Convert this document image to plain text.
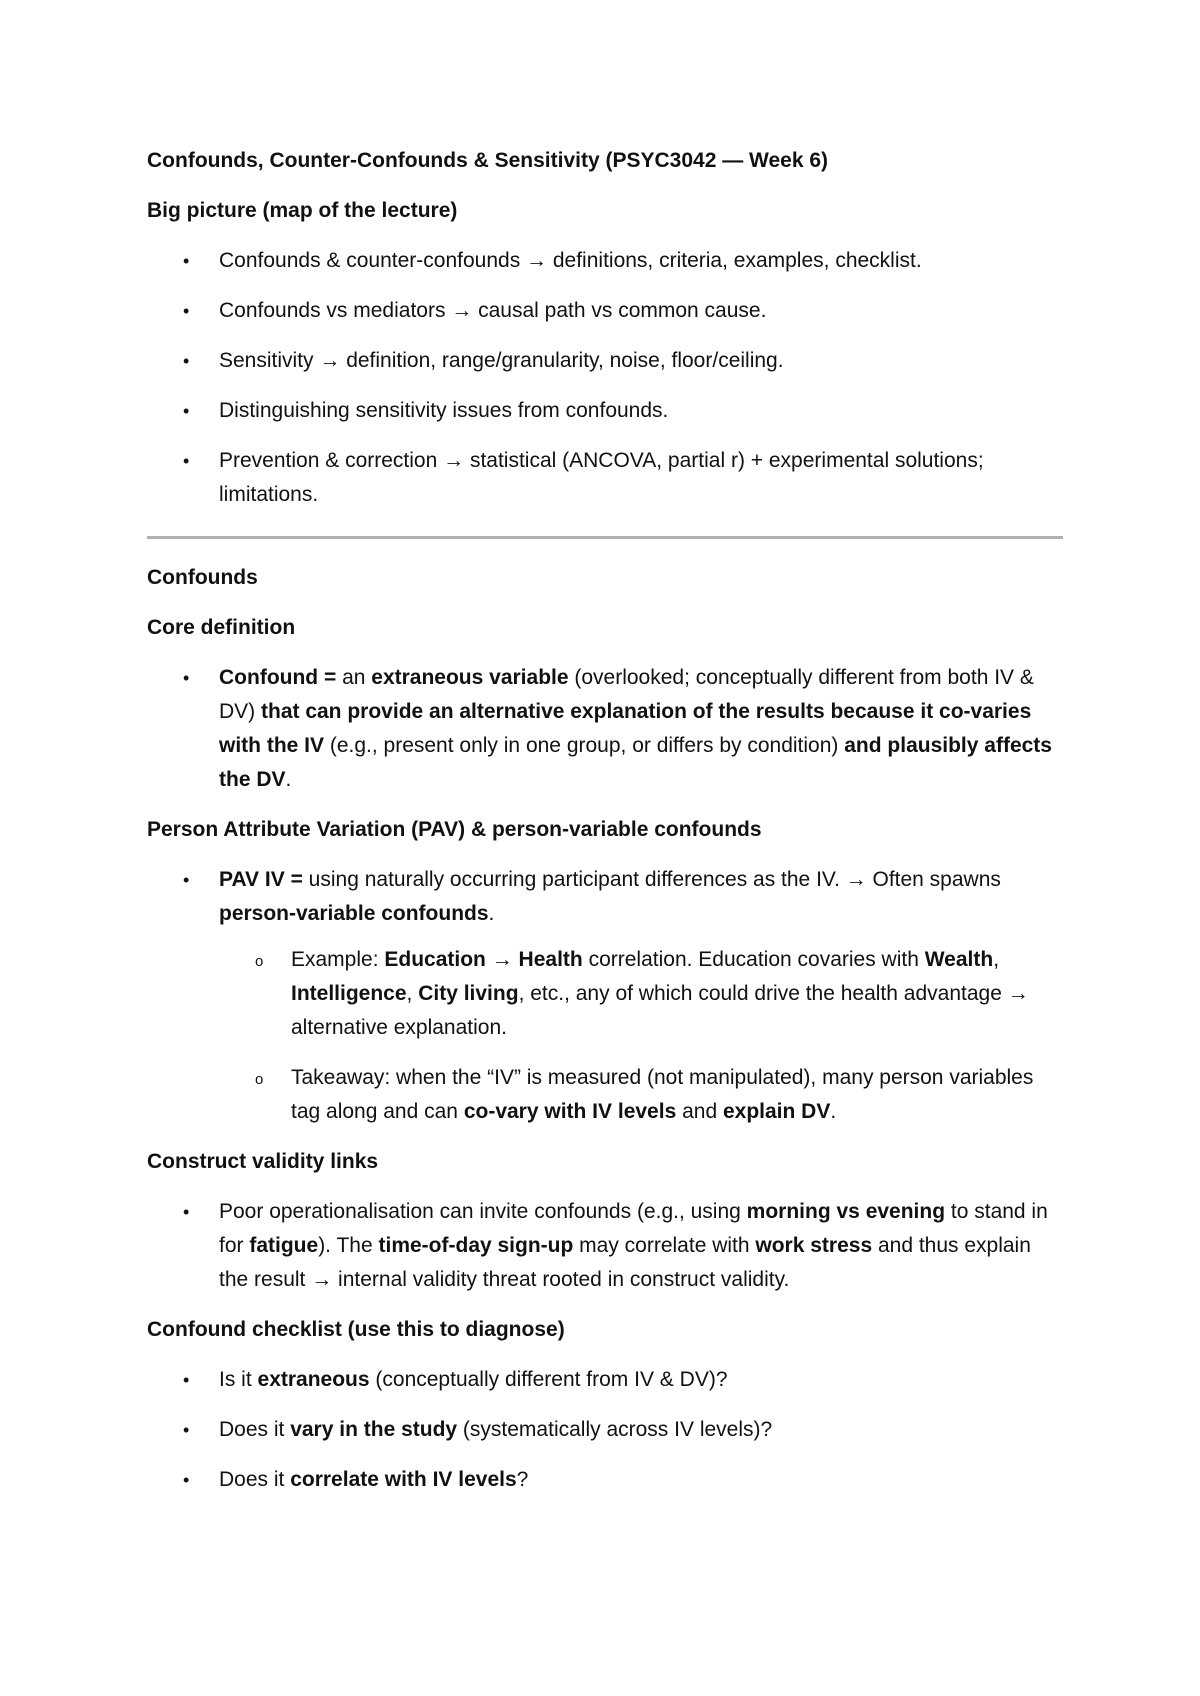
Confounds, Counter-Confounds & Sensitivity (PSYC3042 — Week 6)
Big picture (map of the lecture)
• Confounds & counter-confounds → definitions, criteria, examples, checklist.
• Confounds vs mediators → causal path vs common cause.
• Sensitivity → definition, range/granularity, noise, floor/ceiling.
• Distinguishing sensitivity issues from confounds.
• Prevention & correction → statistical (ANCOVA, partial r) + experimental solutions; limitations.
Confounds
Core definition
• Confound = an extraneous variable (overlooked; conceptually different from both IV & DV) that can provide an alternative explanation of the results because it co-varies with the IV (e.g., present only in one group, or differs by condition) and plausibly affects the DV.
Person Attribute Variation (PAV) & person-variable confounds
• PAV IV = using naturally occurring participant differences as the IV. → Often spawns person-variable confounds.
o Example: Education → Health correlation. Education covaries with Wealth, Intelligence, City living, etc., any of which could drive the health advantage → alternative explanation.
o Takeaway: when the “IV” is measured (not manipulated), many person variables tag along and can co-vary with IV levels and explain DV.
Construct validity links
• Poor operationalisation can invite confounds (e.g., using morning vs evening to stand in for fatigue). The time-of-day sign-up may correlate with work stress and thus explain the result → internal validity threat rooted in construct validity.
Confound checklist (use this to diagnose)
• Is it extraneous (conceptually different from IV & DV)?
• Does it vary in the study (systematically across IV levels)?
• Does it correlate with IV levels?
